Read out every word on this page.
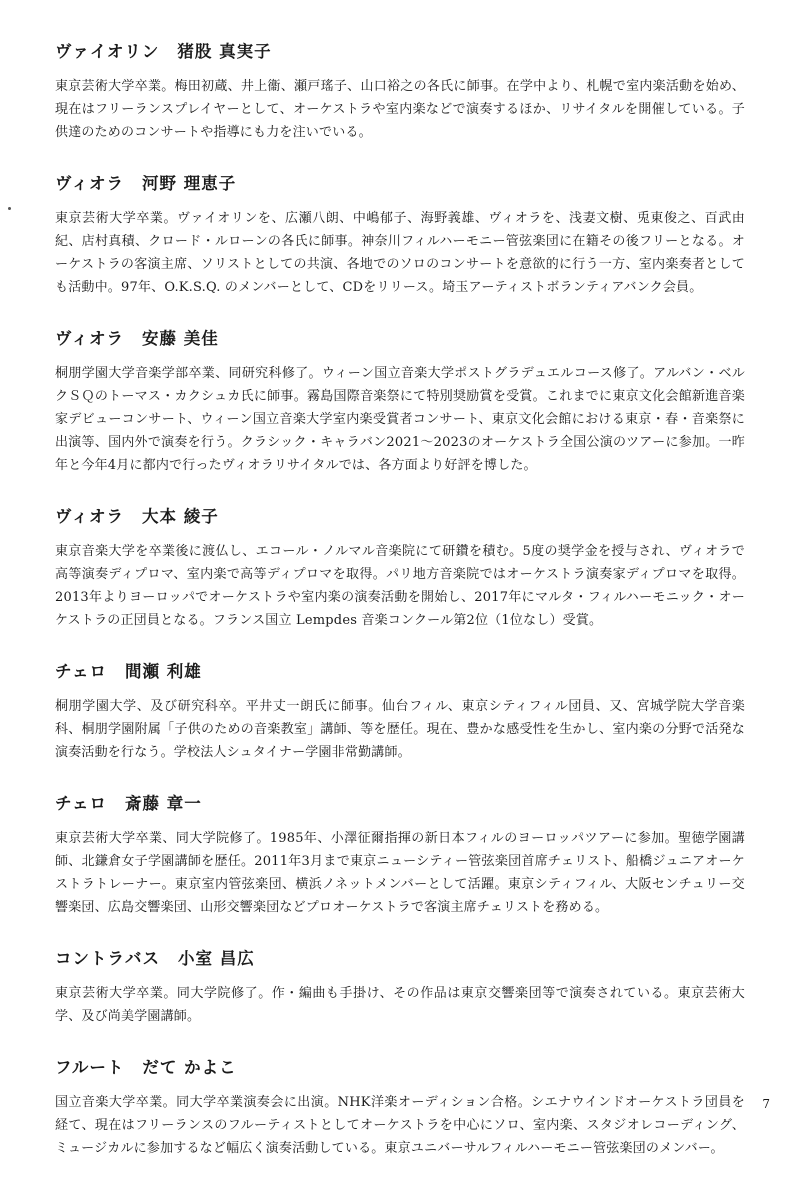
ヴァイオリン 猪股 真実子

東京芸術大学卒業。梅田初蔵、井上衞、瀬戸瑤子、山口裕之の各氏に師事。在学中より、札幌で室内楽活動を始め、現在はフリーランスプレイヤーとして、オーケストラや室内楽などで演奏するほか、リサイタルを開催している。子供達のためのコンサートや指導にも力を注いでいる。

ヴィオラ 河野 理恵子

東京芸術大学卒業。ヴァイオリンを、広瀬八朗、中嶋郁子、海野義雄、ヴィオラを、浅妻文樹、兎東俊之、百武由紀、店村真積、クロード・ルローンの各氏に師事。神奈川フィルハーモニー管弦楽団に在籍その後フリーとなる。オーケストラの客演主席、ソリストとしての共演、各地でのソロのコンサートを意欲的に行う一方、室内楽奏者としても活動中。97年、O.K.S.Q. のメンバーとして、CDをリリース。埼玉アーティストボランティアバンク会員。

ヴィオラ 安藤 美佳

桐朋学園大学音楽学部卒業、同研究科修了。ウィーン国立音楽大学ポストグラデュエルコース修了。アルバン・ベルクＳＱのトーマス・カクシュカ氏に師事。霧島国際音楽祭にて特別奨励賞を受賞。これまでに東京文化会館新進音楽家デビューコンサート、ウィーン国立音楽大学室内楽受賞者コンサート、東京文化会館における東京・春・音楽祭に出演等、国内外で演奏を行う。クラシック・キャラバン2021～2023のオーケストラ全国公演のツアーに参加。一昨年と今年4月に都内で行ったヴィオラリサイタルでは、各方面より好評を博した。

ヴィオラ 大本 綾子

東京音楽大学を卒業後に渡仏し、エコール・ノルマル音楽院にて研鑽を積む。5度の奨学金を授与され、ヴィオラで高等演奏ディプロマ、室内楽で高等ディプロマを取得。パリ地方音楽院ではオーケストラ演奏家ディプロマを取得。2013年よりヨーロッパでオーケストラや室内楽の演奏活動を開始し、2017年にマルタ・フィルハーモニック・オーケストラの正団員となる。フランス国立 Lempdes 音楽コンクール第2位（1位なし）受賞。

チェロ 間瀬 利雄

桐朋学園大学、及び研究科卒。平井丈一朗氏に師事。仙台フィル、東京シティフィル団員、又、宮城学院大学音楽科、桐朋学園附属「子供のための音楽教室」講師、等を歴任。現在、豊かな感受性を生かし、室内楽の分野で活発な演奏活動を行なう。学校法人シュタイナー学園非常勤講師。

チェロ 斎藤 章一

東京芸術大学卒業、同大学院修了。1985年、小澤征爾指揮の新日本フィルのヨーロッパツアーに参加。聖徳学園講師、北鎌倉女子学園講師を歴任。2011年3月まで東京ニューシティー管弦楽団首席チェリスト、船橋ジュニアオーケストラトレーナー。東京室内管弦楽団、横浜ノネットメンバーとして活躍。東京シティフィル、大阪センチュリー交響楽団、広島交響楽団、山形交響楽団などプロオーケストラで客演主席チェリストを務める。

コントラバス 小室 昌広

東京芸術大学卒業。同大学院修了。作・編曲も手掛け、その作品は東京交響楽団等で演奏されている。東京芸術大学、及び尚美学園講師。

フルート だて かよこ

国立音楽大学卒業。同大学卒業演奏会に出演。NHK洋楽オーディション合格。シエナウインドオーケストラ団員を経て、現在はフリーランスのフルーティストとしてオーケストラを中心にソロ、室内楽、スタジオレコーディング、ミュージカルに参加するなど幅広く演奏活動している。東京ユニバーサルフィルハーモニー管弦楽団のメンバー。

7
